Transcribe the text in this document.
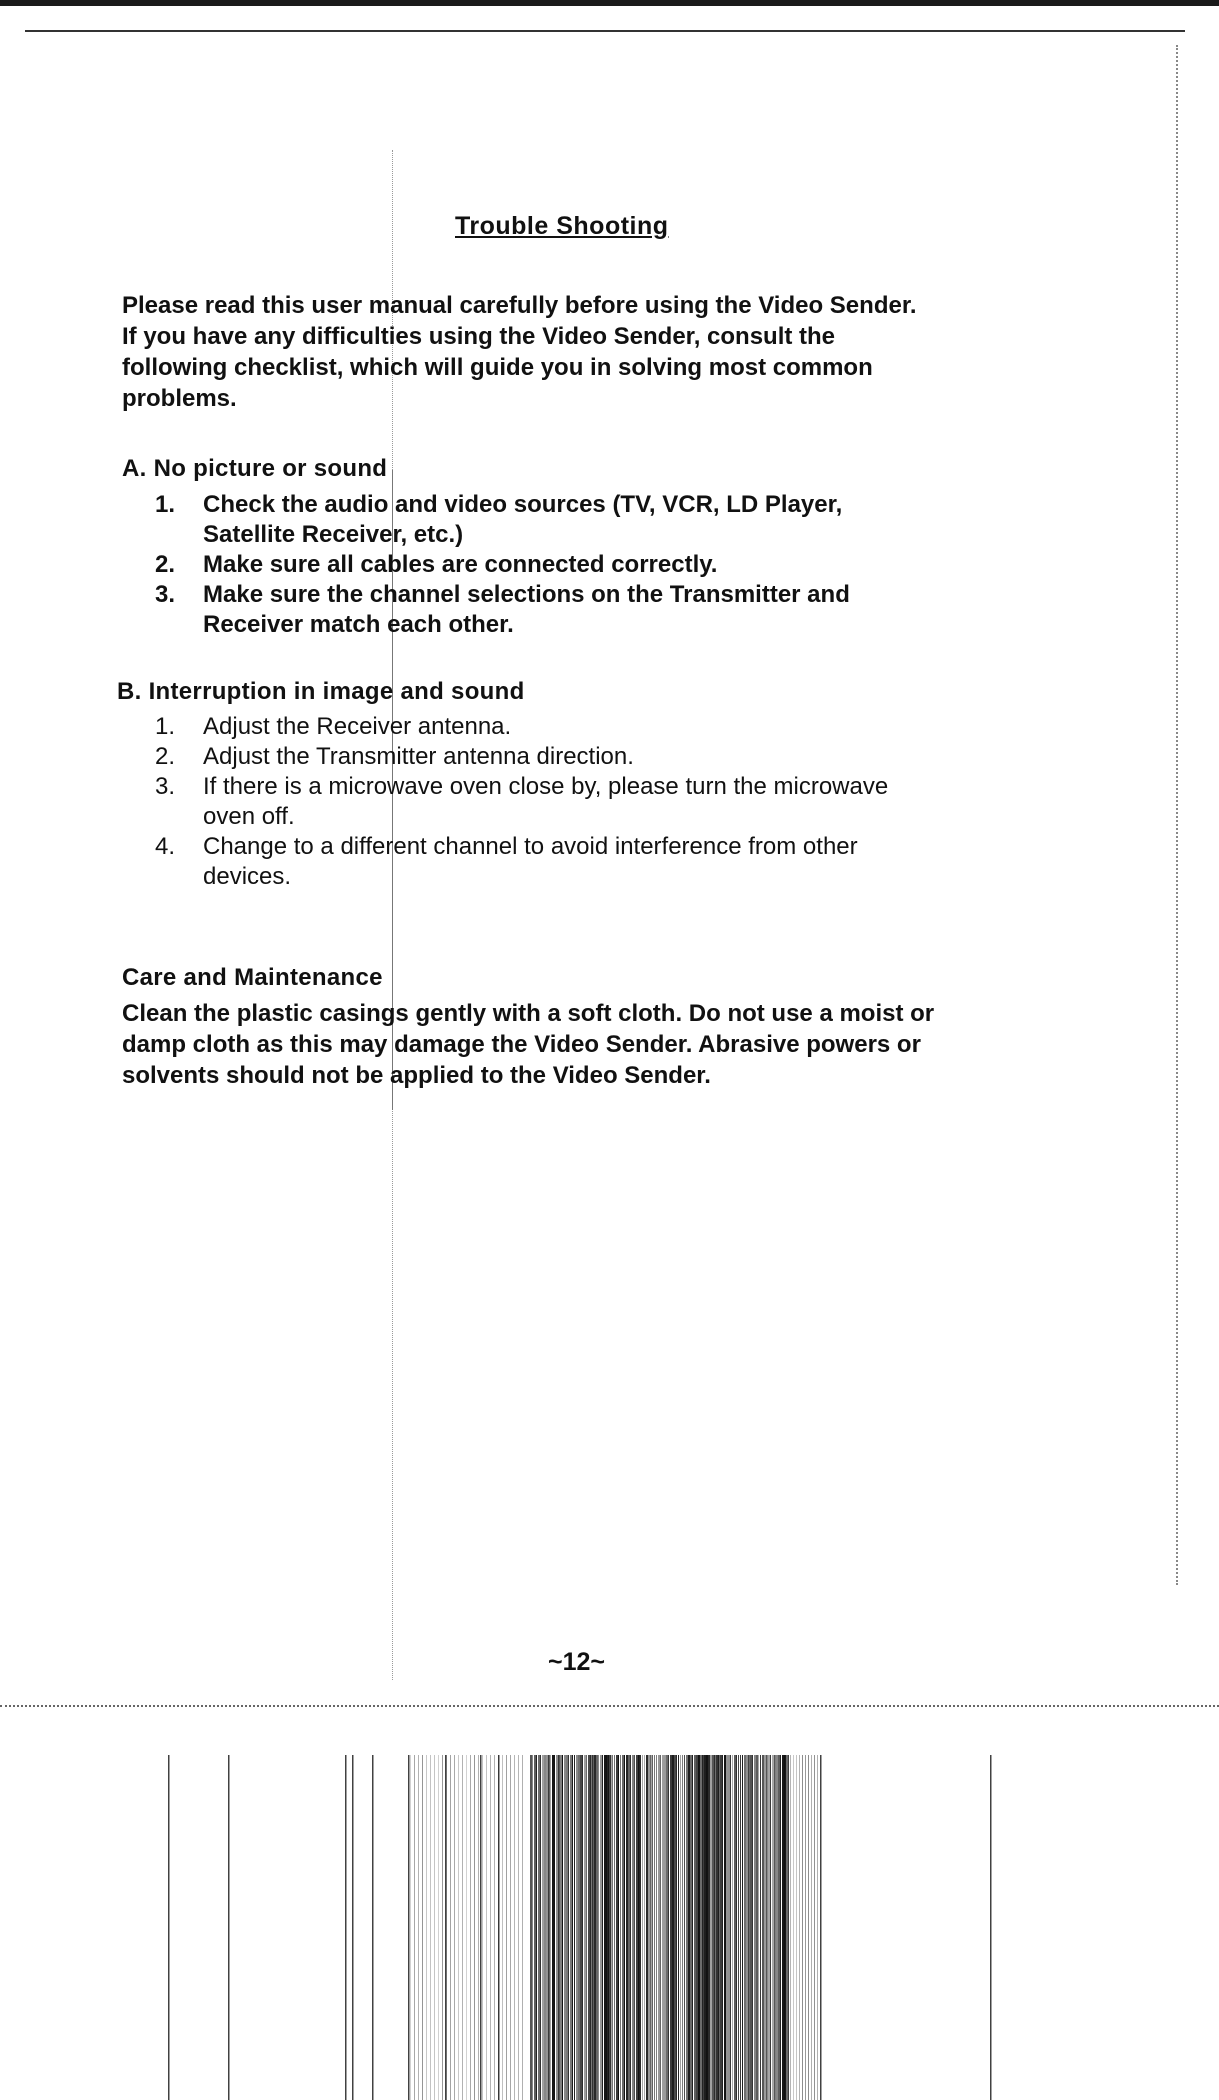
Trouble Shooting

Please read this user manual carefully before using the Video Sender.

If you have any difficulties using the Video Sender, consult the

following checklist, which will guide you in solving most common

problems.

A. No picture or sound
1. Check the audio and video sources (TV, VCR, LD Player,
Satellite Receiver, etc.)
2. Make sure all cables are connected correctly.
3. Make sure the channel selections on the Transmitter and
Receiver match each other.
B. Interruption in image and sound
1. Adjust the Receiver antenna.
2. Adjust the Transmitter antenna direction.
3. If there is a microwave oven close by, please turn the microwave
oven off.
4. Change to a different channel to avoid interference from other
devices.
Care and Maintenance
Clean the plastic casings gently with a soft cloth. Do not use a moist or
damp cloth as this may damage the Video Sender. Abrasive powers or
solvents should not be applied to the Video Sender.
~12~
